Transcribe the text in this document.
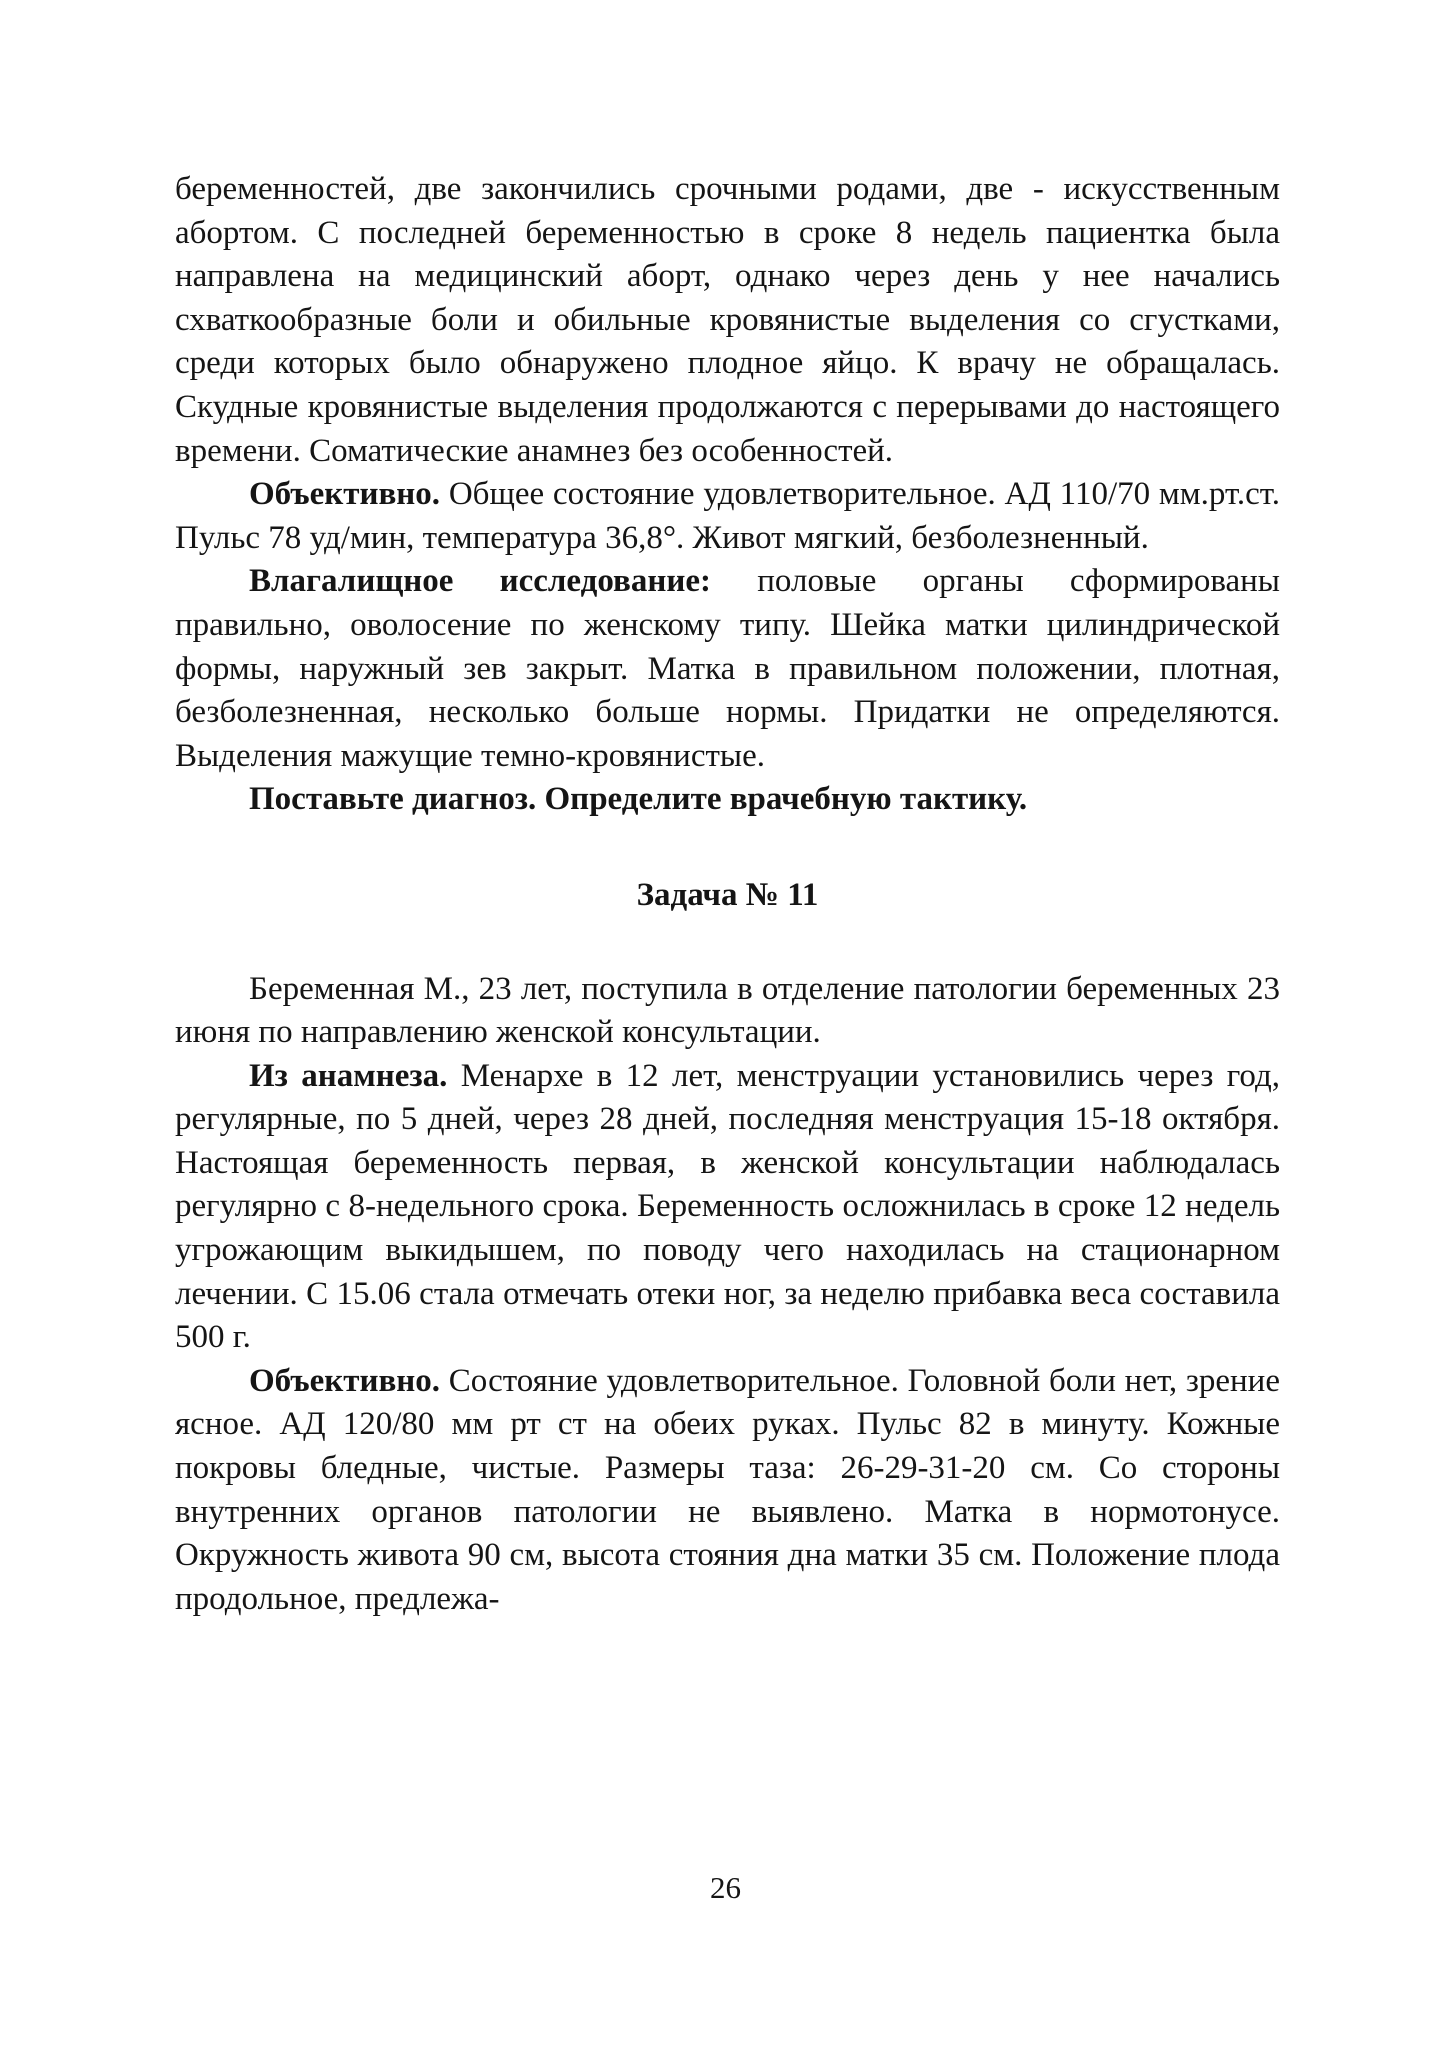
беременностей, две закончились срочными родами, две - искусственным абортом. С последней беременностью в сроке 8 недель пациентка была направлена на медицинский аборт, однако через день у нее начались схваткообразные боли и обильные кровянистые выделения со сгустками, среди которых было обнаружено плодное яйцо. К врачу не обращалась. Скудные кровянистые выделения продолжаются с перерывами до настоящего времени. Соматические анамнез без особенностей.

Объективно. Общее состояние удовлетворительное. АД 110/70 мм.рт.ст. Пульс 78 уд/мин, температура 36,8°. Живот мягкий, безболезненный.

Влагалищное исследование: половые органы сформированы правильно, оволосение по женскому типу. Шейка матки цилиндрической формы, наружный зев закрыт. Матка в правильном положении, плотная, безболезненная, несколько больше нормы. Придатки не определяются. Выделения мажущие темно-кровянистые.

Поставьте диагноз. Определите врачебную тактику.

Задача № 11

Беременная М., 23 лет, поступила в отделение патологии беременных 23 июня по направлению женской консультации.

Из анамнеза. Менархе в 12 лет, менструации установились через год, регулярные, по 5 дней, через 28 дней, последняя менструация 15-18 октября. Настоящая беременность первая, в женской консультации наблюдалась регулярно с 8-недельного срока. Беременность осложнилась в сроке 12 недель угрожающим выкидышем, по поводу чего находилась на стационарном лечении. С 15.06 стала отмечать отеки ног, за неделю прибавка веса составила 500 г.

Объективно. Состояние удовлетворительное. Головной боли нет, зрение ясное. АД 120/80 мм рт ст на обеих руках. Пульс 82 в минуту. Кожные покровы бледные, чистые. Размеры таза: 26-29-31-20 см. Со стороны внутренних органов патологии не выявлено. Матка в нормотонусе. Окружность живота 90 см, высота стояния дна матки 35 см. Положение плода продольное, предлежа-

26
